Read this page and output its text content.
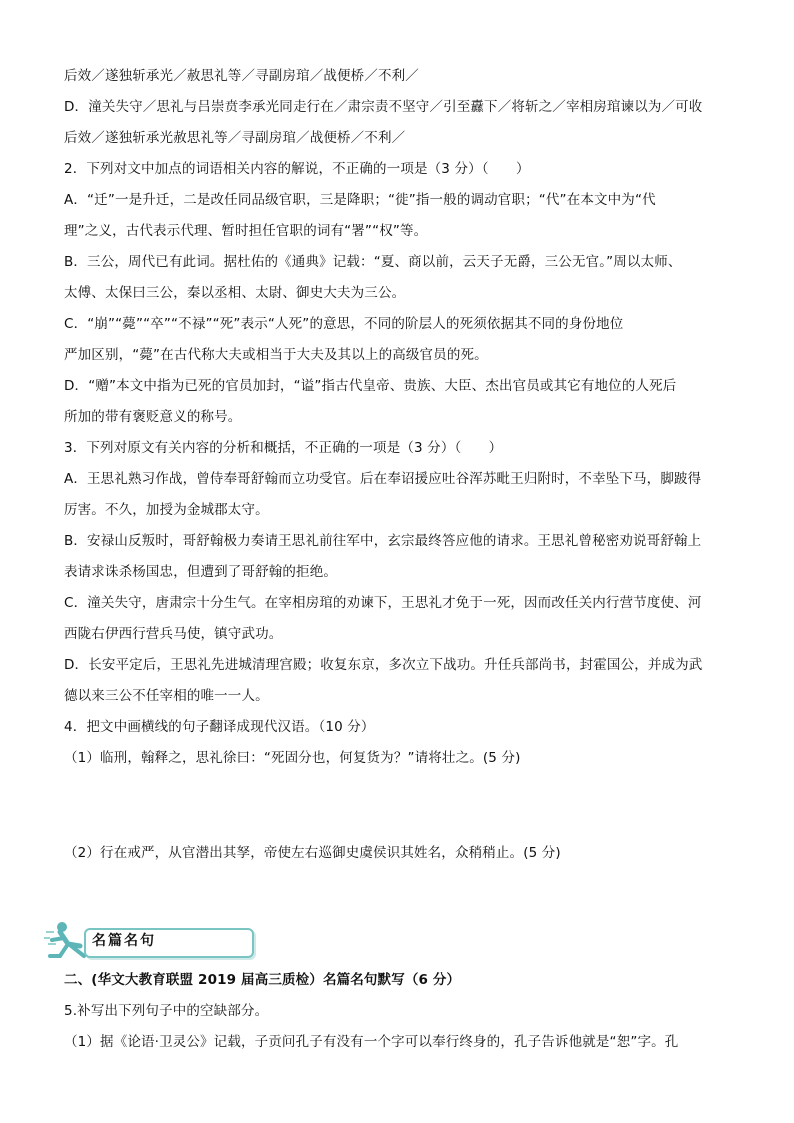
后效／遂独斩承光／赦思礼等／寻副房琯／战便桥／不利／
D．潼关失守／思礼与吕崇贲李承光同走行在／肃宗责不坚守／引至纛下／将斩之／宰相房琯谏以为／可收
后效／遂独斩承光赦思礼等／寻副房琯／战便桥／不利／
2．下列对文中加点的词语相关内容的解说，不正确的一项是（3 分）（　　）
A．“迁”一是升迁，二是改任同品级官职，三是降职；“徙”指一般的调动官职；“代”在本文中为“代
理”之义，古代表示代理、暂时担任官职的词有“署”“权”等。
B．三公，周代已有此词。据杜佑的《通典》记载：“夏、商以前，云天子无爵，三公无官。”周以太师、
太傅、太保曰三公，秦以丞相、太尉、御史大夫为三公。
C．“崩”“薨”“卒”“不禄”“死”表示“人死”的意思，不同的阶层人的死须依据其不同的身份地位
严加区别，“薨”在古代称大夫或相当于大夫及其以上的高级官员的死。
D．“赠”本文中指为已死的官员加封，“谥”指古代皇帝、贵族、大臣、杰出官员或其它有地位的人死后
所加的带有褒贬意义的称号。
3．下列对原文有关内容的分析和概括，不正确的一项是（3 分）（　　）
A．王思礼熟习作战，曾侍奉哥舒翰而立功受官。后在奉诏援应吐谷浑苏毗王归附时，不幸坠下马，脚跛得
厉害。不久，加授为金城郡太守。
B．安禄山反叛时，哥舒翰极力奏请王思礼前往军中，玄宗最终答应他的请求。王思礼曾秘密劝说哥舒翰上
表请求诛杀杨国忠，但遭到了哥舒翰的拒绝。
C．潼关失守，唐肃宗十分生气。在宰相房琯的劝谏下，王思礼才免于一死，因而改任关内行营节度使、河
西陇右伊西行营兵马使，镇守武功。
D．长安平定后，王思礼先进城清理宫殿；收复东京，多次立下战功。升任兵部尚书，封霍国公，并成为武
德以来三公不任宰相的唯一一人。
4．把文中画横线的句子翻译成现代汉语。（10 分）
（1）临刑，翰释之，思礼徐曰：“死固分也，何复货为？”请将壮之。(5 分)
（2）行在戒严，从官潜出其孥，帝使左右巡御史虞侯识其姓名，众稍稍止。(5 分)
名篇名句
二、(华文大教育联盟 2019 届高三质检）名篇名句默写（6 分）
5.补写出下列句子中的空缺部分。
（1）据《论语·卫灵公》记载，子贡问孔子有没有一个字可以奉行终身的，孔子告诉他就是“恕”字。孔
